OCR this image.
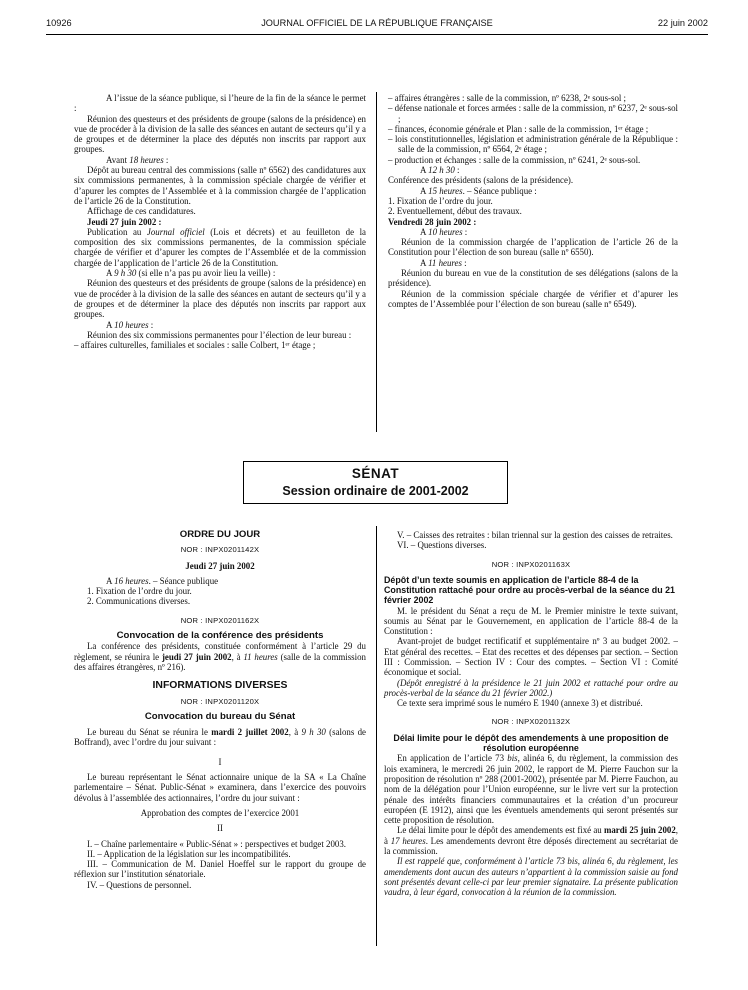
10926	JOURNAL OFFICIEL DE LA RÉPUBLIQUE FRANÇAISE	22 juin 2002

A l’issue de la séance publique, si l’heure de la fin de la séance le permet :

Réunion des questeurs et des présidents de groupe (salons de la présidence) en vue de procéder à la division de la salle des séances en autant de secteurs qu’il y a de groupes et de déterminer la place des députés non inscrits par rapport aux groupes.

Avant 18 heures :

Dépôt au bureau central des commissions (salle nº 6562) des candidatures aux six commissions permanentes, à la commission spéciale chargée de vérifier et d’apurer les comptes de l’Assemblée et à la commission chargée de l’application de l’article 26 de la Constitution.

Affichage de ces candidatures.

Jeudi 27 juin 2002 :

Publication au Journal officiel (Lois et décrets) et au feuilleton de la composition des six commissions permanentes, de la commission spéciale chargée de vérifier et d’apurer les comptes de l’Assemblée et de la commission chargée de l’application de l’article 26 de la Constitution.

A 9 h 30 (si elle n’a pas pu avoir lieu la veille) :

Réunion des questeurs et des présidents de groupe (salons de la présidence) en vue de procéder à la division de la salle des séances en autant de secteurs qu’il y a de groupes et de déterminer la place des députés non inscrits par rapport aux groupes.

A 10 heures :

Réunion des six commissions permanentes pour l’élection de leur bureau :

– affaires culturelles, familiales et sociales : salle Colbert, 1ᵉʳ étage ;

– affaires étrangères : salle de la commission, nº 6238, 2ᵉ sous-sol ;

– défense nationale et forces armées : salle de la commission, nº 6237, 2ᵉ sous-sol ;

– finances, économie générale et Plan : salle de la commission, 1ᵉʳ étage ;

– lois constitutionnelles, législation et administration générale de la République : salle de la commission, nº 6564, 2ᵉ étage ;

– production et échanges : salle de la commission, nº 6241, 2ᵉ sous-sol.

A 12 h 30 :

Conférence des présidents (salons de la présidence).

A 15 heures. – Séance publique :

1. Fixation de l’ordre du jour.

2. Eventuellement, début des travaux.

Vendredi 28 juin 2002 :

A 10 heures :

Réunion de la commission chargée de l’application de l’article 26 de la Constitution pour l’élection de son bureau (salle nº 6550).

A 11 heures :

Réunion du bureau en vue de la constitution de ses délégations (salons de la présidence).

Réunion de la commission spéciale chargée de vérifier et d’apurer les comptes de l’Assemblée pour l’élection de son bureau (salle nº 6549).

SÉNAT
Session ordinaire de 2001-2002

ORDRE DU JOUR

NOR : INPX0201142X

Jeudi 27 juin 2002

A 16 heures. – Séance publique

1. Fixation de l’ordre du jour.

2. Communications diverses.

NOR : INPX0201162X

Convocation de la conférence des présidents

La conférence des présidents, constituée conformément à l’article 29 du règlement, se réunira le jeudi 27 juin 2002, à 11 heures (salle de la commission des affaires étrangères, nº 216).

INFORMATIONS DIVERSES

NOR : INPX0201120X

Convocation du bureau du Sénat

Le bureau du Sénat se réunira le mardi 2 juillet 2002, à 9 h 30 (salons de Boffrand), avec l’ordre du jour suivant :

I

Le bureau représentant le Sénat actionnaire unique de la SA « La Chaîne parlementaire – Sénat. Public-Sénat » examinera, dans l’exercice des pouvoirs dévolus à l’assemblée des actionnaires, l’ordre du jour suivant :

Approbation des comptes de l’exercice 2001

II

I. – Chaîne parlementaire « Public-Sénat » : perspectives et budget 2003.

II. – Application de la législation sur les incompatibilités.

III. – Communication de M. Daniel Hoeffel sur le rapport du groupe de réflexion sur l’institution sénatoriale.

IV. – Questions de personnel.

V. – Caisses des retraites : bilan triennal sur la gestion des caisses de retraites.

VI. – Questions diverses.

NOR : INPX0201163X

Dépôt d’un texte soumis en application de l’article 88-4 de la Constitution rattaché pour ordre au procès-verbal de la séance du 21 février 2002

M. le président du Sénat a reçu de M. le Premier ministre le texte suivant, soumis au Sénat par le Gouvernement, en application de l’article 88-4 de la Constitution :

Avant-projet de budget rectificatif et supplémentaire nº 3 au budget 2002. – Etat général des recettes. – Etat des recettes et des dépenses par section. – Section III : Commission. – Section IV : Cour des comptes. – Section VI : Comité économique et social.

(Dépôt enregistré à la présidence le 21 juin 2002 et rattaché pour ordre au procès-verbal de la séance du 21 février 2002.)

Ce texte sera imprimé sous le numéro E 1940 (annexe 3) et distribué.

NOR : INPX0201132X

Délai limite pour le dépôt des amendements à une proposition de résolution européenne

En application de l’article 73 bis, alinéa 6, du règlement, la commission des lois examinera, le mercredi 26 juin 2002, le rapport de M. Pierre Fauchon sur la proposition de résolution nº 288 (2001-2002), présentée par M. Pierre Fauchon, au nom de la délégation pour l’Union européenne, sur le livre vert sur la protection pénale des intérêts financiers communautaires et la création d’un procureur européen (E 1912), ainsi que les éventuels amendements qui seront présentés sur cette proposition de résolution.

Le délai limite pour le dépôt des amendements est fixé au mardi 25 juin 2002, à 17 heures. Les amendements devront être déposés directement au secrétariat de la commission.

Il est rappelé que, conformément à l’article 73 bis, alinéa 6, du règlement, les amendements dont aucun des auteurs n’appartient à la commission saisie au fond sont présentés devant celle-ci par leur premier signataire. La présente publication vaudra, à leur égard, convocation à la réunion de la commission.
